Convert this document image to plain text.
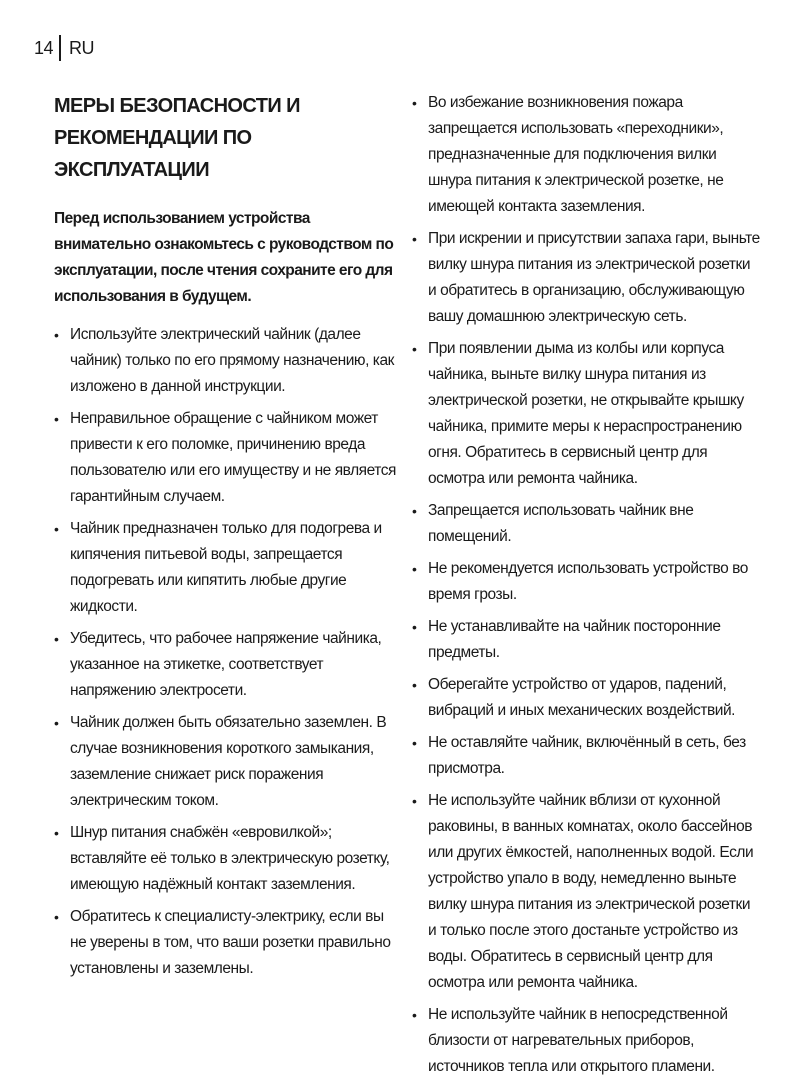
14 RU
МЕРЫ БЕЗОПАСНОСТИ И РЕКОМЕНДАЦИИ ПО ЭКСПЛУАТАЦИИ

Перед использованием устройства внимательно ознакомьтесь с руководством по эксплуатации, после чтения сохраните его для использования в будущем.

• Используйте электрический чайник (далее чайник) только по его прямому назначению, как изложено в данной инструкции.
• Неправильное обращение с чайником может привести к его поломке, причинению вреда пользователю или его имуществу и не является гарантийным случаем.
• Чайник предназначен только для подогрева и кипячения питьевой воды, запрещается подогревать или кипятить любые другие жидкости.
• Убедитесь, что рабочее напряжение чайника, указанное на этикетке, соответствует напряжению электросети.
• Чайник должен быть обязательно заземлен. В случае возникновения короткого замыкания, заземление снижает риск поражения электрическим током.
• Шнур питания снабжён «евровилкой»; вставляйте её только в электрическую розетку, имеющую надёжный контакт заземления.
• Обратитесь к специалисту-электрику, если вы не уверены в том, что ваши розетки правильно установлены и заземлены.
• Во избежание возникновения пожара запрещается использовать «переходники», предназначенные для подключения вилки шнура питания к электрической розетке, не имеющей контакта заземления.
• При искрении и присутствии запаха гари, выньте вилку шнура питания из электрической розетки и обратитесь в организацию, обслуживающую вашу домашнюю электрическую сеть.
• При появлении дыма из колбы или корпуса чайника, выньте вилку шнура питания из электрической розетки, не открывайте крышку чайника, примите меры к нераспространению огня. Обратитесь в сервисный центр для осмотра или ремонта чайника.
• Запрещается использовать чайник вне помещений.
• Не рекомендуется использовать устройство во время грозы.
• Не устанавливайте на чайник посторонние предметы.
• Оберегайте устройство от ударов, падений, вибраций и иных механических воздействий.
• Не оставляйте чайник, включённый в сеть, без присмотра.
• Не используйте чайник вблизи от кухонной раковины, в ванных комнатах, около бассейнов или других ёмкостей, наполненных водой. Если устройство упало в воду, немедленно выньте вилку шнура питания из электрической розетки и только после этого достаньте устройство из воды. Обратитесь в сервисный центр для осмотра или ремонта чайника.
• Не используйте чайник в непосредственной близости от нагревательных приборов, источников тепла или открытого пламени.
